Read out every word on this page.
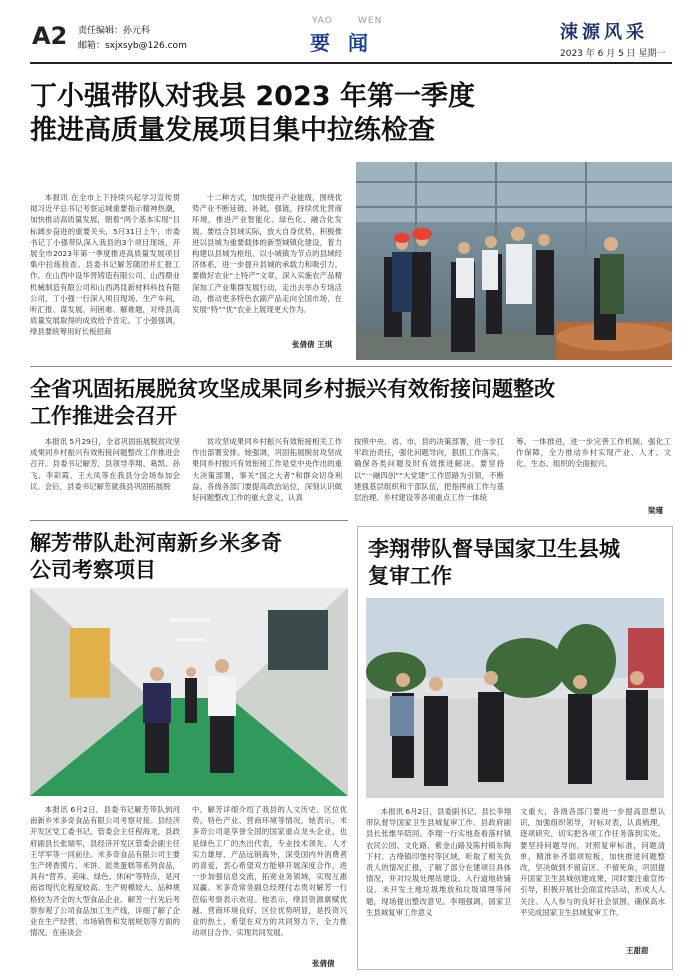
A2 责任编辑：孙元科
邮箱：sxjxsyb@126.com
YAO	WEN
要闻	涑源风采
2023 年 6 月 5 日 星期一
丁小强带队对我县 2023 年第一季度
推进高质量发展项目集中拉练检查

本报讯 在全市上下持续兴起学习宣传贯彻习近平总书记考察运城重要指示精神热潮，加快推动高质量发展，朝着“两个基本实现”目标阔步奋进的重要关头，5月31日上午，市委书记丁小强带队深入我县的3个项目现场，开展全市2023年第一季度推进高质量发展项目集中拉练检查。县委书记解芳随团并汇报工作。在山西中设华晋铸造有限公司、山西鼎业机械制造有限公司和山西鸿昆新材料科技有限公司，丁小强一行深入项目现场、生产车间，听汇报、谋发展、问困难、解难题，对绛县高质量发展取得的成效给予肯定。丁小强强调，绛县要统筹用好长板招商

十二种方式，加快提升产业能级，围绕优势产业不断延链、补链、强链，持续优化营商环境，推进产业智能化、绿色化、融合化发展。要结合县域实际，放大自身优势，积极推进以县城为重要载体的新型城镇化建设，着力构建以县城为枢纽、以小城镇为节点的县域经济体系，进一步提升县城的承载力和吸引力。要做好农业“土特产”文章，深入实施农产品精深加工产业集群发展行动，走出去举办专场活动，推动更多特色农副产品走向全国市场，在发展“特”“优”农业上展现更大作为。

张倩倩 王琪
全省巩固拓展脱贫攻坚成果同乡村振兴有效衔接问题整改
工作推进会召开

本报讯 5月29日，全省巩固拓展脱贫攻坚成果同乡村振兴有效衔接问题整改工作推进会召开。县委书记解芳，县领导李翔、葛凯、孙飞、李彩霞、王大凤等在我县分会场参加会议。会后，县委书记解芳就我县巩固拓展脱

贫攻坚成果同乡村振兴有效衔接相关工作作出部署安排。她强调，巩固拓展脱贫攻坚成果同乡村振兴有效衔接工作是党中央作出的重大决策部署，事关“国之大者”和群众切身利益。各级各部门要提高政治站位，深刻认识做好问题整改工作的重大意义，认真

按照中央、省、市、县的决策部署，进一步扛牢政治责任，强化问题导向，狠抓工作落实，确保各类问题及时有效推进解决。要坚持以“一融四创”“大党建”工作思路为引领，不断建强基层组织和干部队伍，把指挥前工作与基层治理、乡村建设等各项重点工作一体统

筹、一体推进，进一步完善工作机制，强化工作保障，全力推动乡村实现产业、人才、文化、生态、组织的全面振兴。

梁瑾
解芳带队赴河南新乡米多奇
公司考察项目

本报讯 6月2日，县委书记解芳带队到河南新乡米多奇食品有限公司考察对接。县经济开发区党工委书记、管委会主任程海龙，县政府副县长张瑞军，县经济开发区管委会副主任王学军等一同前往。米多奇食品有限公司主要生产烤香馍片、米饼、派类蛋糕等系列食品，具有“营养、美味、绿色、休闲”等特点，是河南省现代化程度较高、生产规模较大、品种规格较为齐全的大型食品企业。解芳一行先后考察参观了公司食品加工生产线，详细了解了企业在生产经营、市场销售和发展规划等方面的情况。在座谈会

中，解芳详细介绍了我县的人文历史、区位优势、特色产业、营商环境等情况。她表示，米多奇公司是享誉全国的国家重点龙头企业，也是绿色工厂的杰出代表，专业技术领先、人才实力雄厚、产品远销海外，深受国内外消费者的喜爱，衷心希望双方能够开展深度合作，进一步加强信息交流，拓宽业务领域，实现互惠双赢。米多奇常务副总经理付志贵对解芳一行莅临考察表示欢迎。他表示，绛县资源禀赋优越、营商环境良好、区位优势明显，是投资兴业的热土，希望在双方的共同努力下，全力推动项目合作、实现共同发展。

张倩倩
李翔带队督导国家卫生县城
复审工作

本报讯 6月2日，县委副书记、县长李翔带队督导国家卫生县城复审工作。县政府副县长张维华陪同。李翔一行实地查看落村镇农民公园、文化路、紫金山路及陈村镇东陶下村、古绛镇印堡村等区域，听取了相关负责人的情况汇报，了解了部分在建项目具体情况，并对垃圾处理站建设、入行道地砖铺设、未开发土地垃圾堆放和垃圾填埋等问题，现场提出整改意见。李翔强调，国家卫生县城复审工作意义

文重大，各级各部门要进一步提高思想认识，加强组织领导，对标对表，认真梳理，逐项研究，切实把各项工作任务落到实处。要坚持问题导向，对照复审标准，问题清单，精准补齐弱项短板，加快推进问题整改，坚决做到不留盲区、不留死角，巩固提升国家卫生县城创建成果，同时要注重宣传引导，积极开展社会面宣传活动，形成人人关注、人人参与的良好社会氛围，确保高水平完成国家卫生县城复审工作。

王甜甜
